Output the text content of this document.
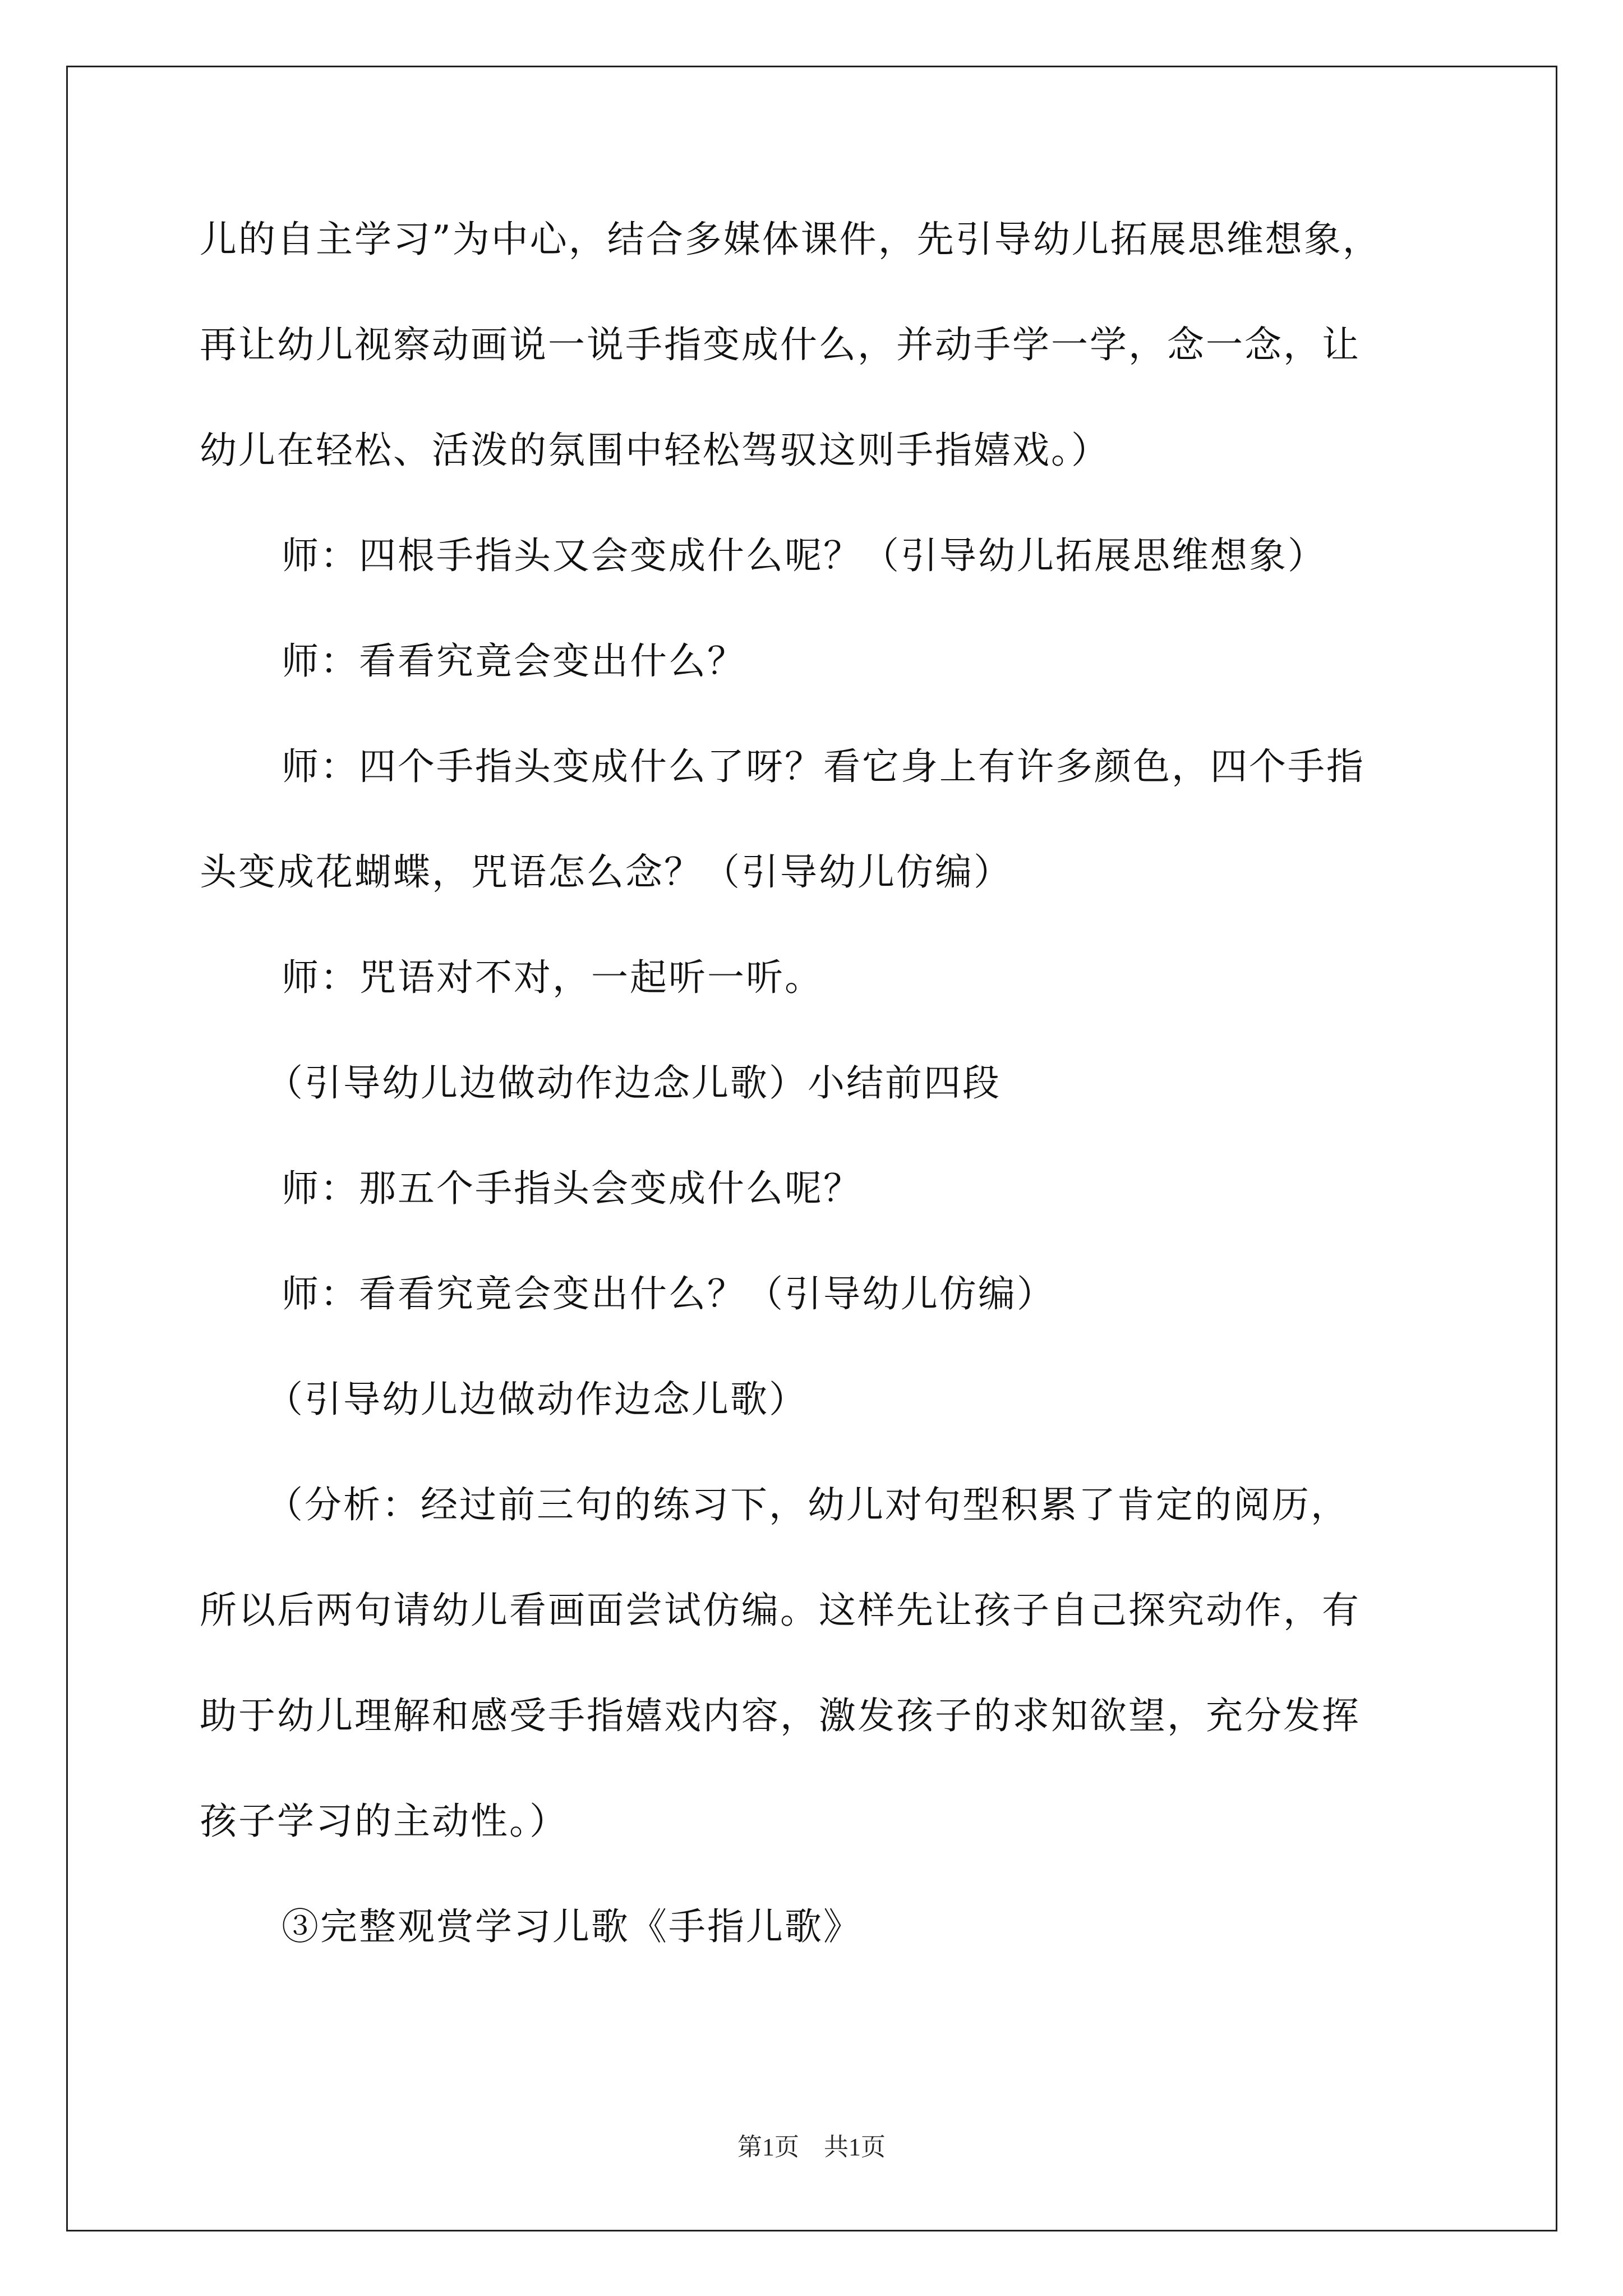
儿的自主学习”为中心，结合多媒体课件，先引导幼儿拓展思维想象，
再让幼儿视察动画说一说手指变成什么，并动手学一学，念一念，让
幼儿在轻松、活泼的氛围中轻松驾驭这则手指嬉戏。）
师：四根手指头又会变成什么呢？（引导幼儿拓展思维想象）
师：看看究竟会变出什么？
师：四个手指头变成什么了呀？看它身上有许多颜色，四个手指
头变成花蝴蝶，咒语怎么念？（引导幼儿仿编）
师：咒语对不对，一起听一听。
（引导幼儿边做动作边念儿歌）小结前四段
师：那五个手指头会变成什么呢？
师：看看究竟会变出什么？（引导幼儿仿编）
（引导幼儿边做动作边念儿歌）
（分析：经过前三句的练习下，幼儿对句型积累了肯定的阅历，
所以后两句请幼儿看画面尝试仿编。这样先让孩子自己探究动作，有
助于幼儿理解和感受手指嬉戏内容，激发孩子的求知欲望，充分发挥
孩子学习的主动性。）
③完整观赏学习儿歌《手指儿歌》
第1页　共1页
